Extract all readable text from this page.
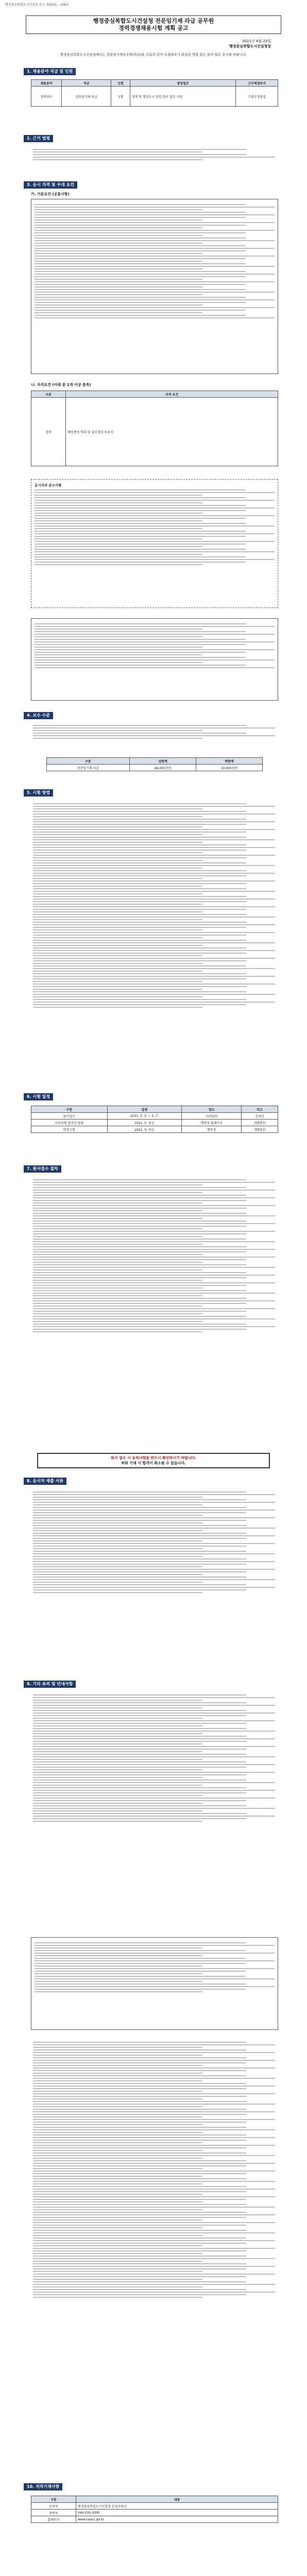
행정중심복합도시건설청 공고 제2021 - 138호
행정중심복합도시건설청 전문임기제 라급 공무원
경력경쟁채용시험 계획 공고
2021년 4월 23일
행정중심복합도시건설청장
행정중심복합도시건설청에서는 전문임기제공무원(라급)을 다음과 같이 모집하오니 관심과 역량 있는 분의 많은 응시를 바랍니다.
1. 채용분야 직급 및 인원
채용분야	직급	인원	담당업무	근무예정부서
정책연구	전문임기제 라급	1명	정책 및 행정도시 관련 연구 업무 지원	기획조정관실
2. 근거 법령
3. 응시 자격 및 우대 요건
가. 기본요건 (공통사항)
나. 자격요건 (아래 중 1개 이상 충족)
구분	자격 요건
경력	해당분야 학위 및 실무경력 보유자
응시자의 준수사항
4. 보수 수준
구분	상한액	하한액
전문임기제 라급	46,000천원	33,000천원
5. 시험 방법
6. 시험 일정
구분	일정	장소	비고
원서접수	2021. 5. 3. ~ 5. 7.	나라일터	온라인
서류전형 합격자 발표	2021. 5. 중순	행복청 홈페이지	개별통보
면접시험	2021. 5. 하순	행복청	개별통보
7. 원서접수 절차
원서 접수 시 유의사항을 반드시 확인하시기 바랍니다.
허위 기재 시 합격이 취소될 수 있습니다.
8. 응시자 제출 서류
9. 기타 유의 및 안내사항
10. 저작기재사항
구분	내용
문의처	행정중심복합도시건설청 운영지원과
연락처	044-200-3000
홈페이지	www.naacc.go.kr
